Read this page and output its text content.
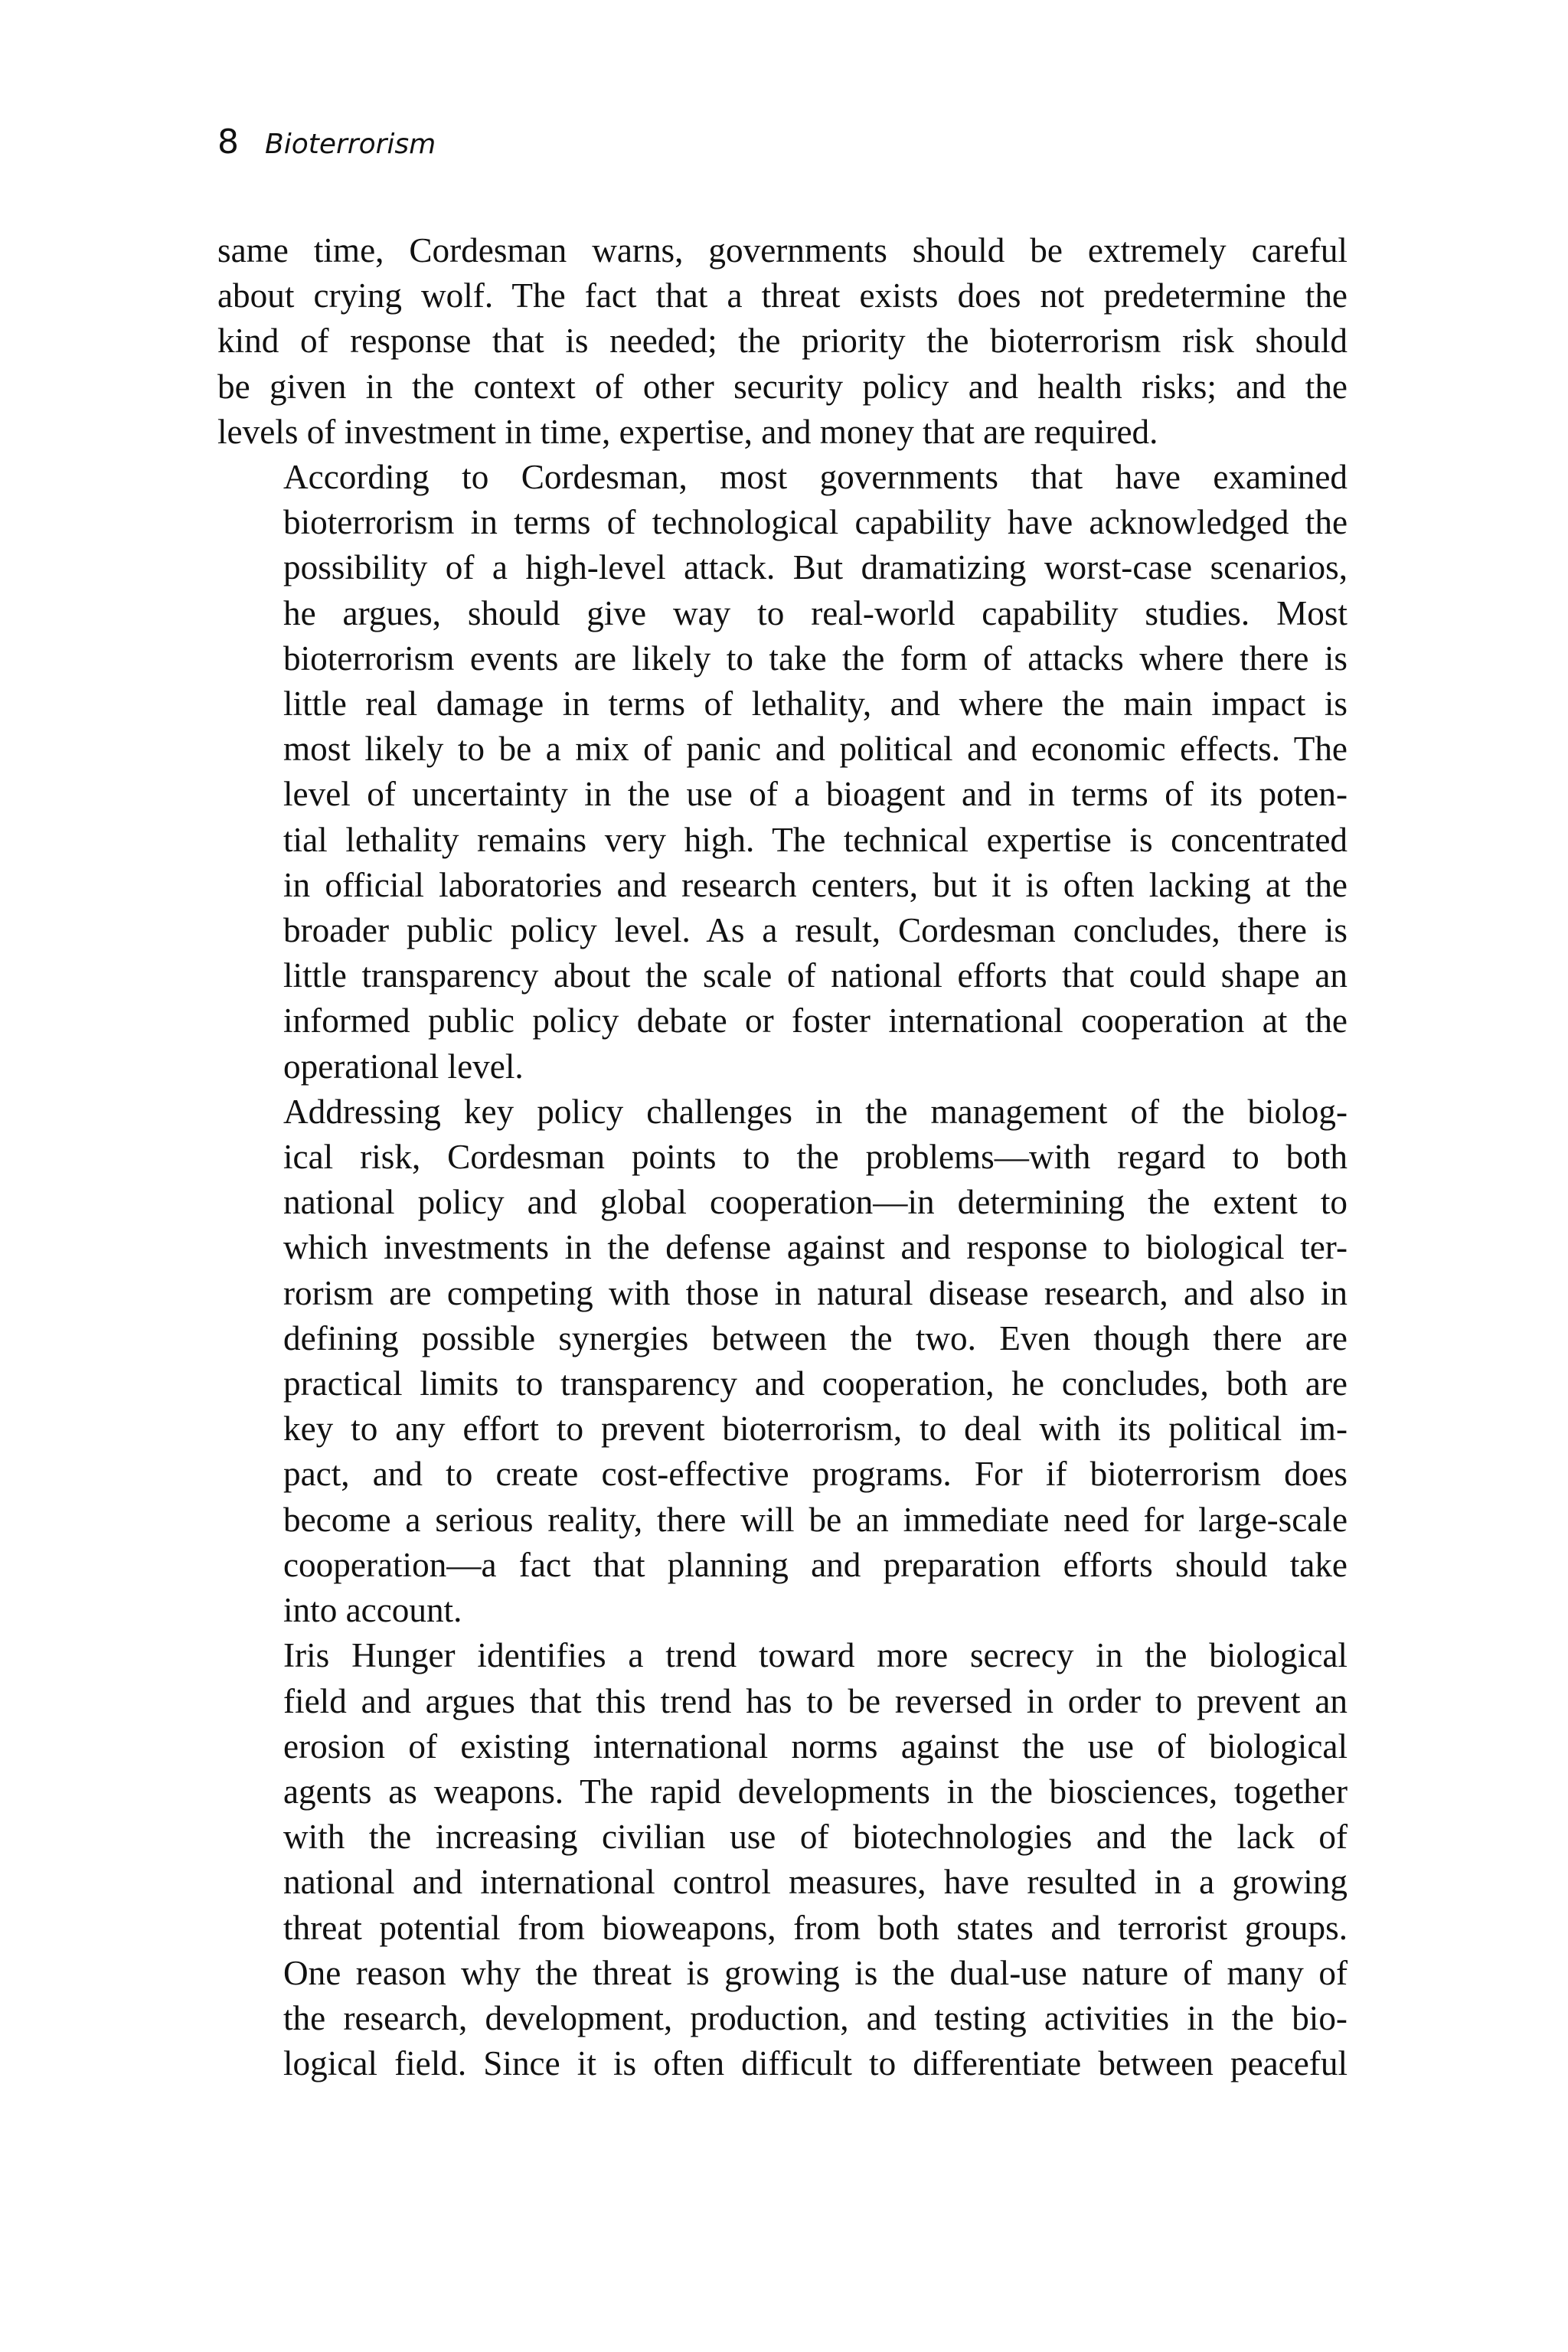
8 Bioterrorism

same time, Cordesman warns, governments should be extremely careful
about crying wolf. The fact that a threat exists does not predetermine the
kind of response that is needed; the priority the bioterrorism risk should
be given in the context of other security policy and health risks; and the
levels of investment in time, expertise, and money that are required.

According to Cordesman, most governments that have examined
bioterrorism in terms of technological capability have acknowledged the
possibility of a high-level attack. But dramatizing worst-case scenarios,
he argues, should give way to real-world capability studies. Most
bioterrorism events are likely to take the form of attacks where there is
little real damage in terms of lethality, and where the main impact is
most likely to be a mix of panic and political and economic effects. The
level of uncertainty in the use of a bioagent and in terms of its poten-
tial lethality remains very high. The technical expertise is concentrated
in official laboratories and research centers, but it is often lacking at the
broader public policy level. As a result, Cordesman concludes, there is
little transparency about the scale of national efforts that could shape an
informed public policy debate or foster international cooperation at the
operational level.

Addressing key policy challenges in the management of the biolog-
ical risk, Cordesman points to the problems—with regard to both
national policy and global cooperation—in determining the extent to
which investments in the defense against and response to biological ter-
rorism are competing with those in natural disease research, and also in
defining possible synergies between the two. Even though there are
practical limits to transparency and cooperation, he concludes, both are
key to any effort to prevent bioterrorism, to deal with its political im-
pact, and to create cost-effective programs. For if bioterrorism does
become a serious reality, there will be an immediate need for large-scale
cooperation—a fact that planning and preparation efforts should take
into account.

Iris Hunger identifies a trend toward more secrecy in the biological
field and argues that this trend has to be reversed in order to prevent an
erosion of existing international norms against the use of biological
agents as weapons. The rapid developments in the biosciences, together
with the increasing civilian use of biotechnologies and the lack of
national and international control measures, have resulted in a growing
threat potential from bioweapons, from both states and terrorist groups.
One reason why the threat is growing is the dual-use nature of many of
the research, development, production, and testing activities in the bio-
logical field. Since it is often difficult to differentiate between peaceful
